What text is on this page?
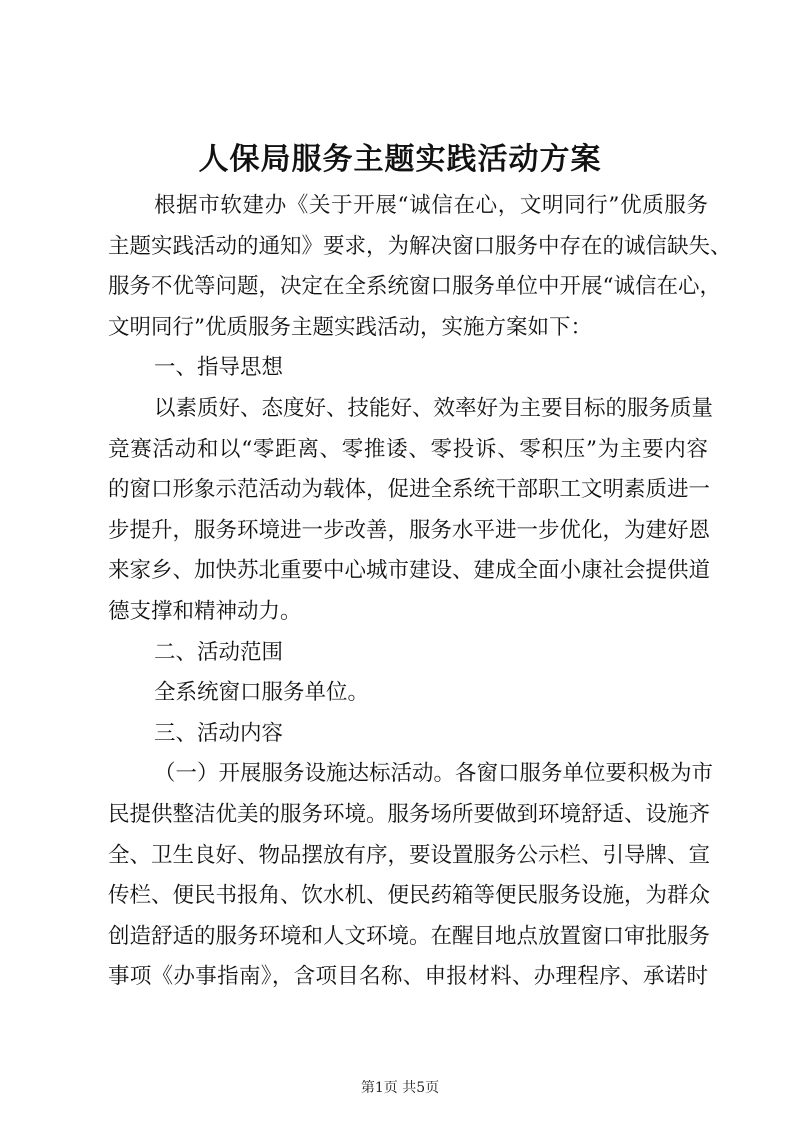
人保局服务主题实践活动方案

根据市软建办《关于开展“诚信在心，文明同行”优质服务

主题实践活动的通知》要求，为解决窗口服务中存在的诚信缺失、

服务不优等问题，决定在全系统窗口服务单位中开展“诚信在心，

文明同行”优质服务主题实践活动，实施方案如下：

一、指导思想

以素质好、态度好、技能好、效率好为主要目标的服务质量

竞赛活动和以“零距离、零推诿、零投诉、零积压”为主要内容

的窗口形象示范活动为载体，促进全系统干部职工文明素质进一

步提升，服务环境进一步改善，服务水平进一步优化，为建好恩

来家乡、加快苏北重要中心城市建设、建成全面小康社会提供道

德支撑和精神动力。

二、活动范围

全系统窗口服务单位。

三、活动内容

（一）开展服务设施达标活动。各窗口服务单位要积极为市

民提供整洁优美的服务环境。服务场所要做到环境舒适、设施齐

全、卫生良好、物品摆放有序，要设置服务公示栏、引导牌、宣

传栏、便民书报角、饮水机、便民药箱等便民服务设施，为群众

创造舒适的服务环境和人文环境。在醒目地点放置窗口审批服务

事项《办事指南》，含项目名称、申报材料、办理程序、承诺时

第1页 共5页
